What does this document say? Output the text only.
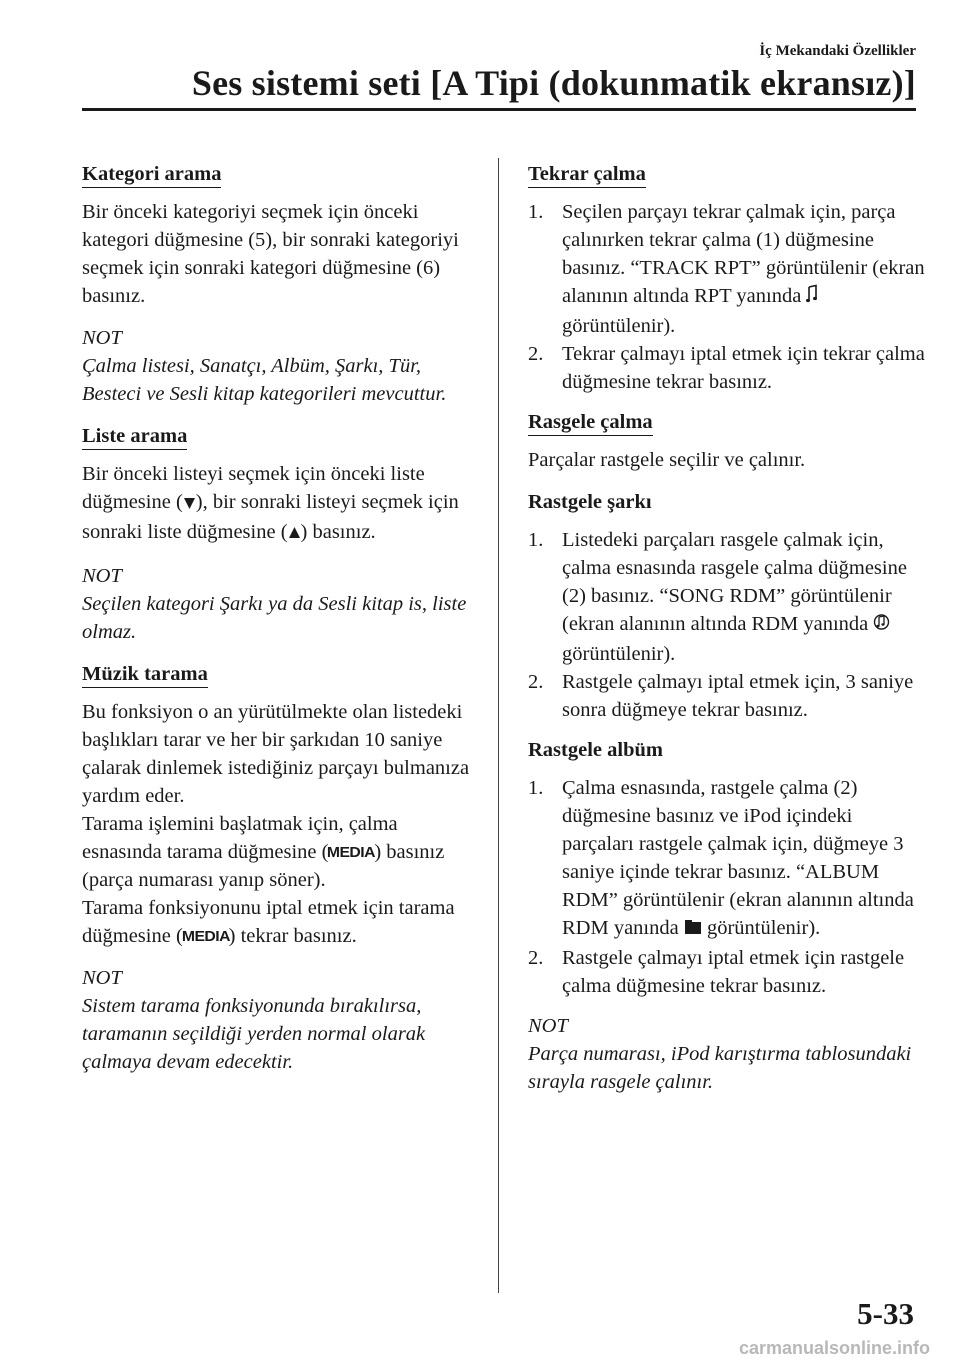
İç Mekandaki Özellikler
Ses sistemi seti [A Tipi (dokunmatik ekransız)]
Kategori arama

Bir önceki kategoriyi seçmek için önceki kategori düğmesine (5), bir sonraki kategoriyi seçmek için sonraki kategori düğmesine (6) basınız.

NOT

Çalma listesi, Sanatçı, Albüm, Şarkı, Tür, Besteci ve Sesli kitap kategorileri mevcuttur.

Liste arama

Bir önceki listeyi seçmek için önceki liste düğmesine ( ), bir sonraki listeyi seçmek için sonraki liste düğmesine ( ) basınız.

NOT

Seçilen kategori Şarkı ya da Sesli kitap is, liste olmaz.

Müzik tarama

Bu fonksiyon o an yürütülmekte olan listedeki başlıkları tarar ve her bir şarkıdan 10 saniye çalarak dinlemek istediğiniz parçayı bulmanıza yardım eder.

Tarama işlemini başlatmak için, çalma esnasında tarama düğmesine (MEDIA) basınız (parça numarası yanıp söner).

Tarama fonksiyonunu iptal etmek için tarama düğmesine (MEDIA) tekrar basınız.

NOT

Sistem tarama fonksiyonunda bırakılırsa, taramanın seçildiği yerden normal olarak çalmaya devam edecektir.

Tekrar çalma
1. Seçilen parçayı tekrar çalmak için, parça çalınırken tekrar çalma (1) düğmesine basınız. “TRACK RPT” görüntülenir (ekran alanının altında RPT yanında  görüntülenir).
2. Tekrar çalmayı iptal etmek için tekrar çalma düğmesine tekrar basınız.
Rasgele çalma

Parçalar rastgele seçilir ve çalınır.

Rastgele şarkı

1. Listedeki parçaları rasgele çalmak için, çalma esnasında rasgele çalma düğmesine (2) basınız. “SONG RDM” görüntülenir (ekran alanının altında RDM yanında  görüntülenir).
2. Rastgele çalmayı iptal etmek için, 3 saniye sonra düğmeye tekrar basınız.

Rastgele albüm

1. Çalma esnasında, rastgele çalma (2) düğmesine basınız ve iPod içindeki parçaları rastgele çalmak için, düğmeye 3 saniye içinde tekrar basınız. “ALBUM RDM” görüntülenir (ekran alanının altında RDM yanında  görüntülenir).
2. Rastgele çalmayı iptal etmek için rastgele çalma düğmesine tekrar basınız.

NOT

Parça numarası, iPod karıştırma tablosundaki sırayla rasgele çalınır.

5-33
carmanualsonline.info
